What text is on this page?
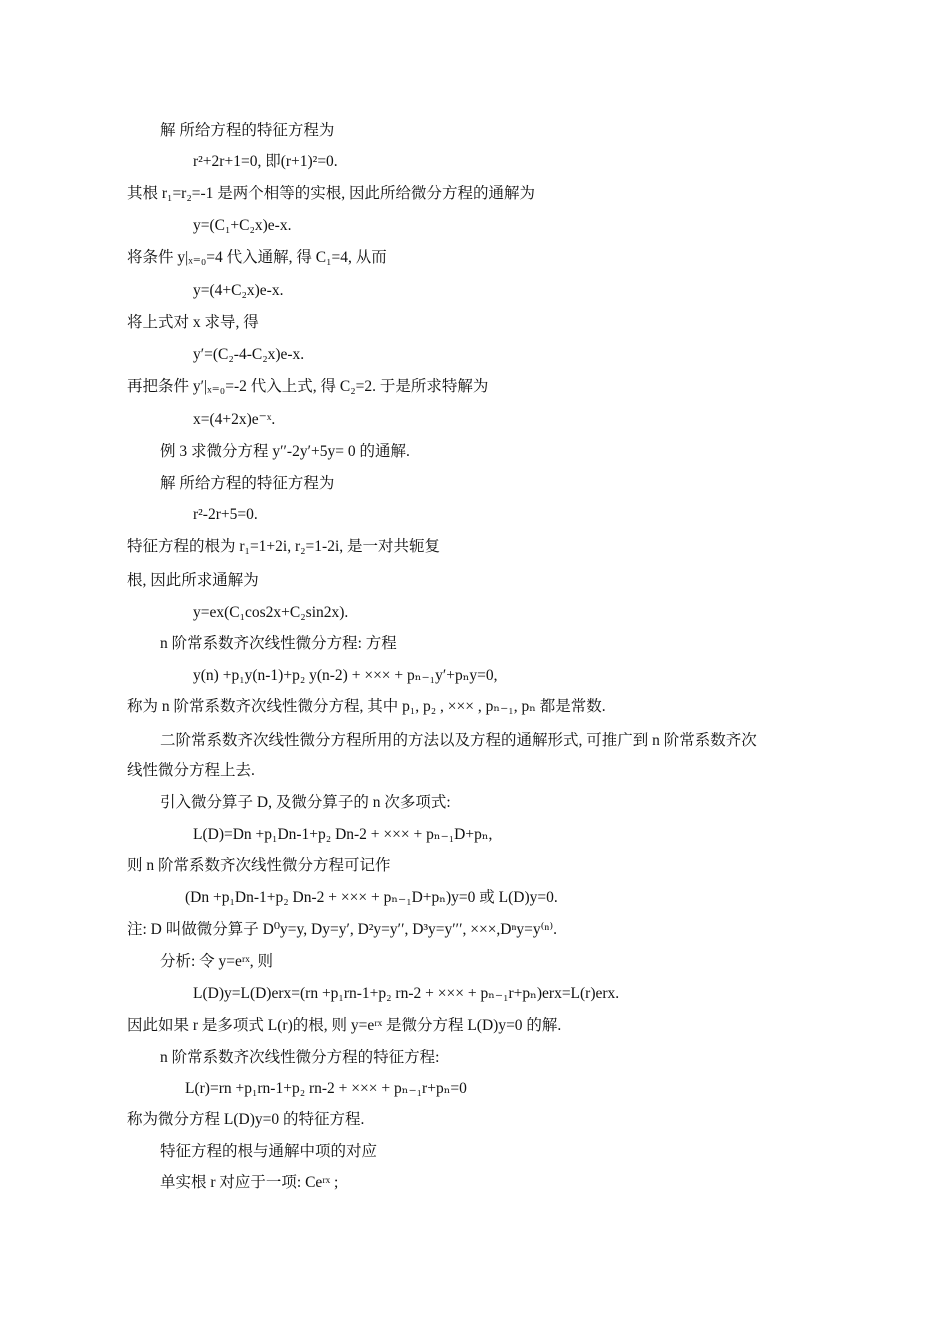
解 所给方程的特征方程为
r²+2r+1=0, 即(r+1)²=0.
其根 r₁=r₂=-1 是两个相等的实根, 因此所给微分方程的通解为
y=(C₁+C₂x)e-x.
将条件 y|ₓ₌₀=4 代入通解, 得 C₁=4, 从而
y=(4+C₂x)e-x.
将上式对 x 求导, 得
y′=(C₂-4-C₂x)e-x.
再把条件 y′|ₓ₌₀=-2 代入上式, 得 C₂=2. 于是所求特解为
x=(4+2x)e⁻ˣ.
例 3 求微分方程 y′′-2y′+5y= 0 的通解.
解 所给方程的特征方程为
r²-2r+5=0.
特征方程的根为 r₁=1+2i, r₂=1-2i, 是一对共轭复
根, 因此所求通解为
y=ex(C₁cos2x+C₂sin2x).
n 阶常系数齐次线性微分方程: 方程
y(n) +p₁y(n-1)+p₂ y(n-2) + ××× + pₙ₋₁y′+pₙy=0,
称为 n 阶常系数齐次线性微分方程, 其中 p₁, p₂ , ××× , pₙ₋₁, pₙ 都是常数.
二阶常系数齐次线性微分方程所用的方法以及方程的通解形式, 可推广到 n 阶常系数齐次
线性微分方程上去.
引入微分算子 D, 及微分算子的 n 次多项式:
L(D)=Dn +p₁Dn-1+p₂ Dn-2 + ××× + pₙ₋₁D+pₙ,
则 n 阶常系数齐次线性微分方程可记作
(Dn +p₁Dn-1+p₂ Dn-2 + ××× + pₙ₋₁D+pₙ)y=0 或 L(D)y=0.
注: D 叫做微分算子 D⁰y=y, Dy=y′, D²y=y′′, D³y=y′′′, ×××,Dⁿy=y⁽ⁿ⁾.
分析: 令 y=eʳˣ, 则
L(D)y=L(D)erx=(rn +p₁rn-1+p₂ rn-2 + ××× + pₙ₋₁r+pₙ)erx=L(r)erx.
因此如果 r 是多项式 L(r)的根, 则 y=eʳˣ 是微分方程 L(D)y=0 的解.
n 阶常系数齐次线性微分方程的特征方程:
L(r)=rn +p₁rn-1+p₂ rn-2 + ××× + pₙ₋₁r+pₙ=0
称为微分方程 L(D)y=0 的特征方程.
特征方程的根与通解中项的对应
单实根 r 对应于一项: Ceʳˣ ;
